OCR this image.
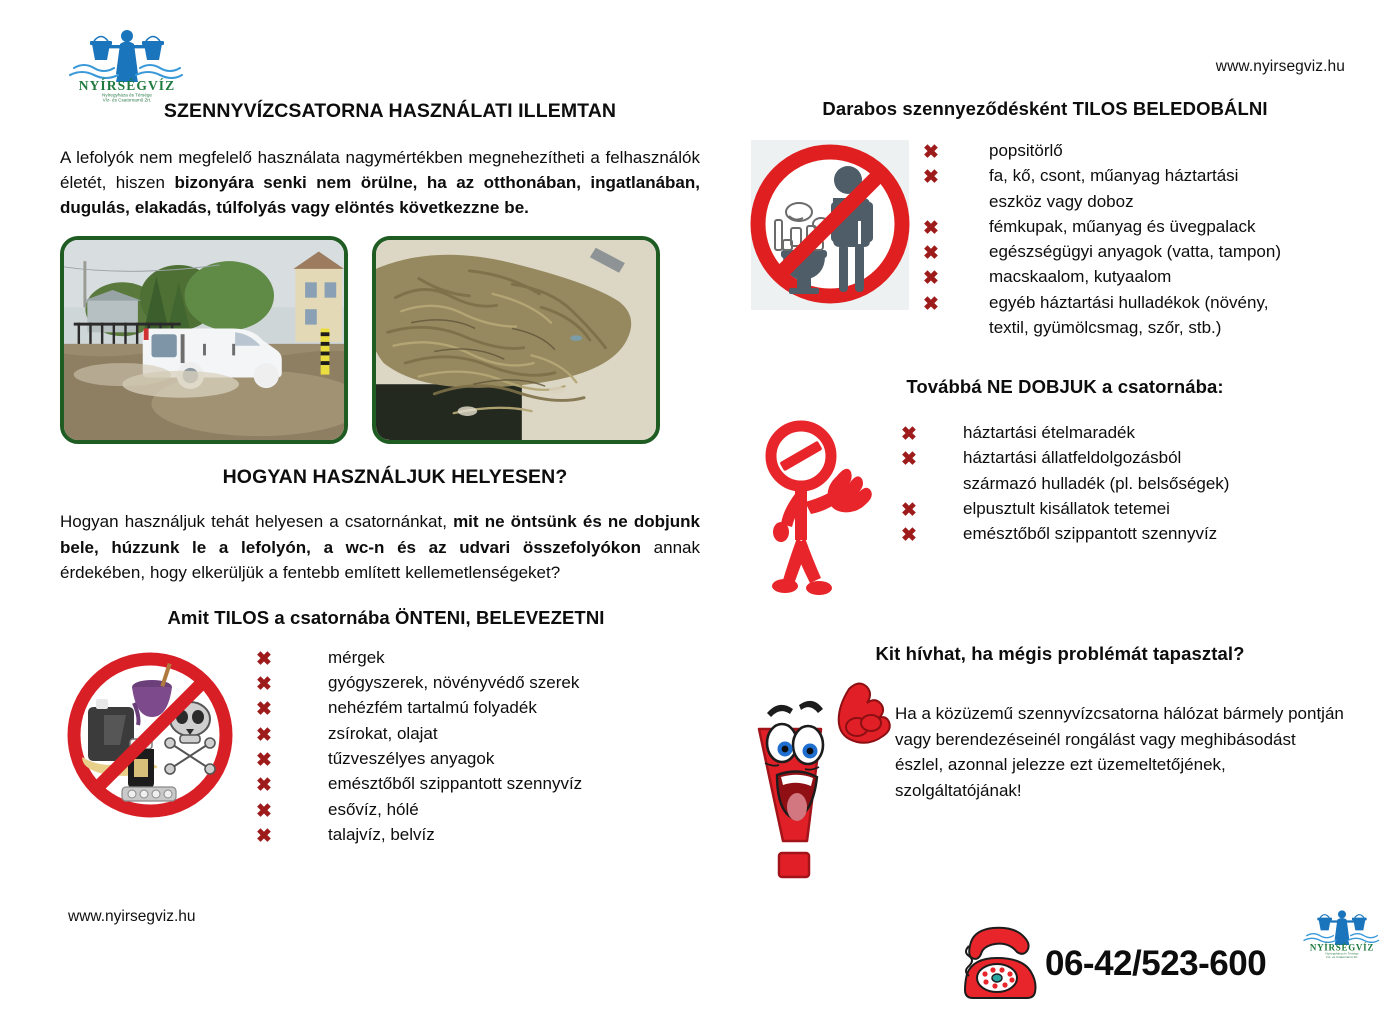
NYÍRSÉGVÍZ
Nyíregyháza és Térsége
Víz- és Csatornamű Zrt.
www.nyirsegviz.hu
SZENNYVÍZCSATORNA HASZNÁLATI ILLEMTAN

A lefolyók nem megfelelő használata nagymértékben megnehezítheti a felhasználók életét, hiszen bizonyára senki nem örülne, ha az otthonában, ingatlanában, dugulás, elakadás, túlfolyás vagy elöntés következzne be.

HOGYAN HASZNÁLJUK HELYESEN?

Hogyan használjuk tehát helyesen a csatornánkat, mit ne öntsünk és ne dobjunk bele, húzzunk le a lefolyón, a wc-n és az udvari összefolyókon annak érdekében, hogy elkerüljük a fentebb említett kellemetlenségeket?

Amit TILOS a csatornába ÖNTENI, BELEVEZETNI
✖	mérgek
✖	gyógyszerek, növényvédő szerek
✖	nehézfém tartalmú folyadék
✖	zsírokat, olajat
✖	tűzveszélyes anyagok
✖	emésztőből szippantott szennyvíz
✖	esővíz, hólé
✖	talajvíz, belvíz
Darabos szennyeződésként TILOS BELEDOBÁLNI
✖	popsitörlő
✖	fa, kő, csont, műanyag háztartási
eszköz vagy doboz
✖	fémkupak, műanyag és üvegpalack
✖	egészségügyi anyagok (vatta, tampon)
✖	macskaalom, kutyaalom
✖	egyéb háztartási hulladékok (növény,
textil, gyümölcsmag, szőr, stb.)
Továbbá NE DOBJUK a csatornába:
✖	háztartási ételmaradék
✖	háztartási állatfeldolgozásból
származó hulladék (pl. belsőségek)
✖	elpusztult kisállatok tetemei
✖	emésztőből szippantott szennyvíz
Kit hívhat, ha mégis problémát tapasztal?
Ha a közüzemű szennyvízcsatorna hálózat bármely pontján vagy berendezéseinél rongálást vagy meghibásodást észlel, azonnal jelezze ezt üzemeltetőjének, szolgáltatójának!
06-42/523-600
www.nyirsegviz.hu
NYÍRSÉGVÍZ
Nyíregyháza és Térsége
Víz- és Csatornamű Zrt.
